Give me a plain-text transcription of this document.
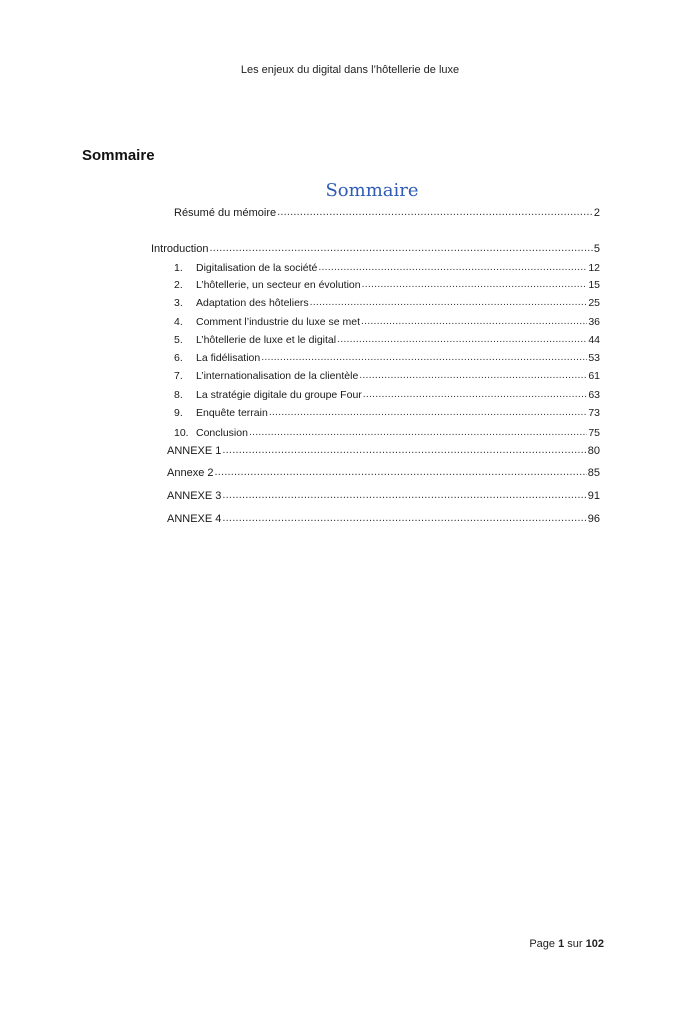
Les enjeux du digital dans l’hôtellerie de luxe
Sommaire
Sommaire
Résumé du mémoire .....	2
Introduction .....	5
1.	Digitalisation de la société .....	12
2.	L’hôtellerie, un secteur en évolution .....	15
3.	Adaptation des hôteliers .....	25
4.	Comment l’industrie du luxe se met .....	36
5.	L’hôtellerie de luxe et le digital .....	44
6.	La fidélisation .....	53
7.	L’internationalisation de la clientèle .....	61
8.	La stratégie digitale du groupe Four .....	63
9.	Enquête terrain .....	73
10. Conclusion .....	75
ANNEXE 1 .....	80
Annexe 2 .....	85
ANNEXE 3 .....	91
ANNEXE 4 .....	96
Page 1 sur 102
